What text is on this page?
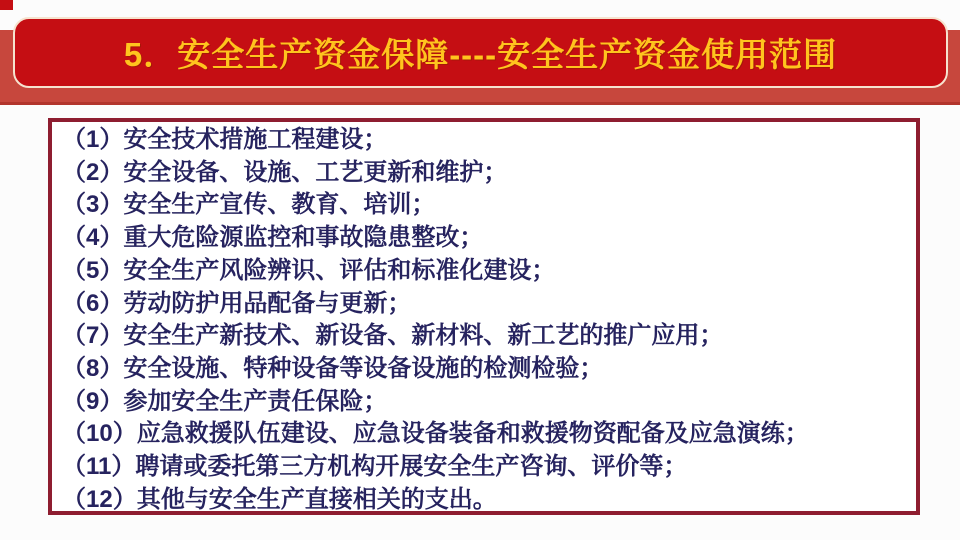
5．安全生产资金保障----安全生产资金使用范围
（1）安全技术措施工程建设；
（2）安全设备、设施、工艺更新和维护；
（3）安全生产宣传、教育、培训；
（4）重大危险源监控和事故隐患整改；
（5）安全生产风险辨识、评估和标准化建设；
（6）劳动防护用品配备与更新；
（7）安全生产新技术、新设备、新材料、新工艺的推广应用；
（8）安全设施、特种设备等设备设施的检测检验；
（9）参加安全生产责任保险；
（10）应急救援队伍建设、应急设备装备和救援物资配备及应急演练；
（11）聘请或委托第三方机构开展安全生产咨询、评价等；
（12）其他与安全生产直接相关的支出。
